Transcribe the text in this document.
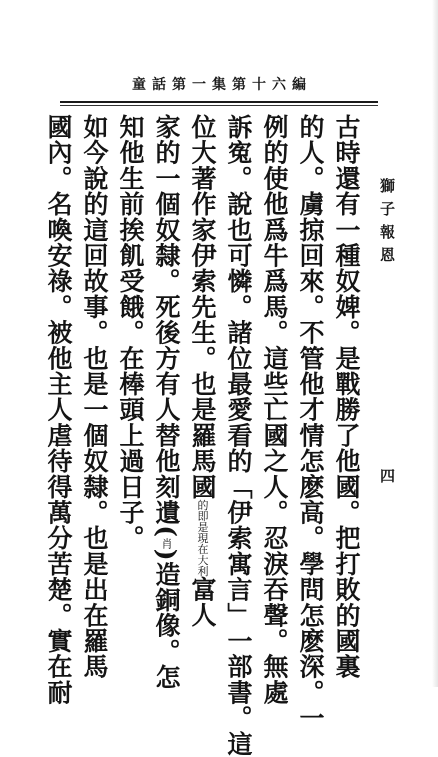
童話第一集第十六編
獅子報恩
四
古時還有一種奴婢。是戰勝了他國。把打敗的國裏
的人。虜掠回來。不管他才情怎麽高。學問怎麽深。一
例的使他爲牛爲馬。這些亡國之人。忍淚吞聲。無處
訴寃。說也可憐。諸位最愛看的「伊索寓言」一部書。這
位大著作家伊索先生。也是羅馬國的即是現在大利富人
家的一個奴隸。死後方有人替他刻遺(肖)造銅像。怎
知他生前挨飢受餓。在棒頭上過日子。
如今說的這回故事。也是一個奴隸。也是出在羅馬
國內。名喚安祿。被他主人虐待得萬分苦楚。實在耐
